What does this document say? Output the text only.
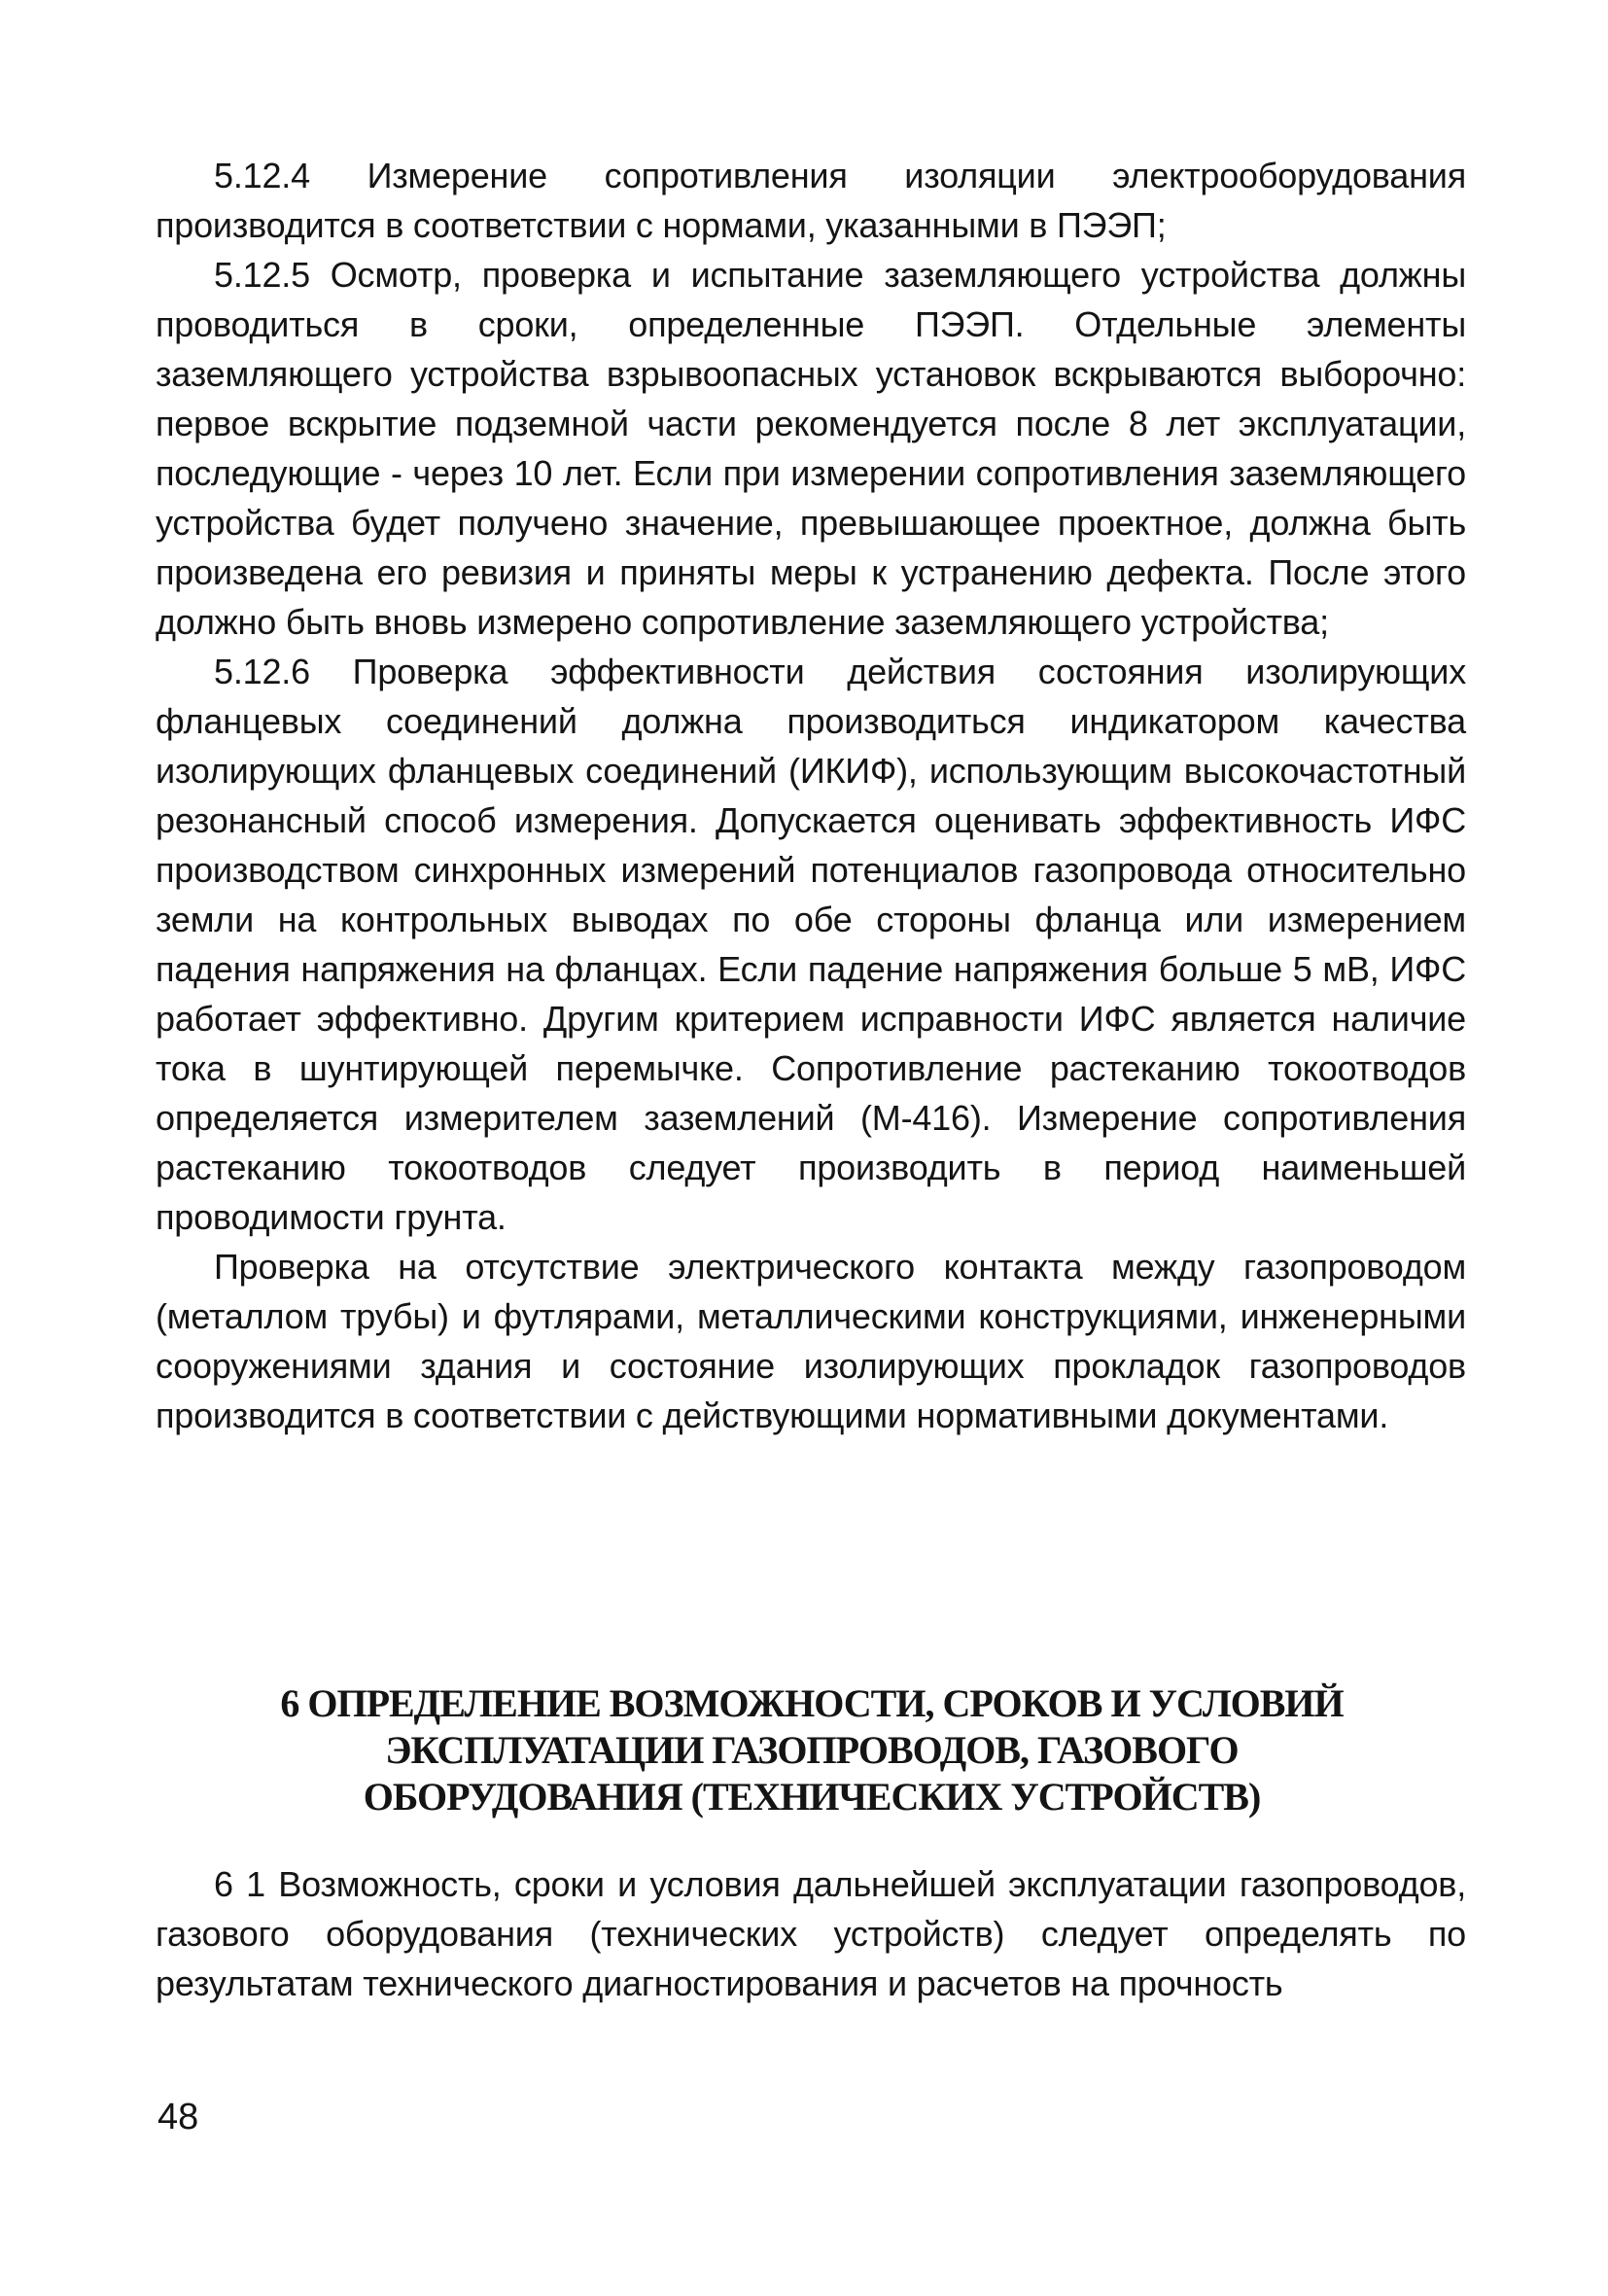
5.12.4 Измерение сопротивления изоляции электрооборудования производится в соответствии с нормами, указанными в ПЭЭП;

5.12.5 Осмотр, проверка и испытание заземляющего устройства должны проводиться в сроки, определенные ПЭЭП. Отдельные элементы заземляющего устройства взрывоопасных установок вскрываются выборочно: первое вскрытие подземной части рекомендуется после 8 лет эксплуатации, последующие - через 10 лет. Если при измерении сопротивления заземляющего устройства будет получено значение, превышающее проектное, должна быть произведена его ревизия и приняты меры к устранению дефекта. После этого должно быть вновь измерено сопротивление заземляющего устройства;

5.12.6 Проверка эффективности действия состояния изолирующих фланцевых соединений должна производиться индикатором качества изолирующих фланцевых соединений (ИКИФ), использующим высокочастотный резонансный способ измерения. Допускается оценивать эффективность ИФС производством синхронных измерений потенциалов газопровода относительно земли на контрольных выводах по обе стороны фланца или измерением падения напряжения на фланцах. Если падение напряжения больше 5 мВ, ИФС работает эффективно. Другим критерием исправности ИФС является наличие тока в шунтирующей перемычке. Сопротивление растеканию токоотводов определяется измерителем заземлений (М-416). Измерение сопротивления растеканию токоотводов следует производить в период наименьшей проводимости грунта.

Проверка на отсутствие электрического контакта между газопроводом (металлом трубы) и футлярами, металлическими конструкциями, инженерными сооружениями здания и состояние изолирующих прокладок газопроводов производится в соответствии с действующими нормативными документами.

6 ОПРЕДЕЛЕНИЕ ВОЗМОЖНОСТИ, СРОКОВ И УСЛОВИЙ
ЭКСПЛУАТАЦИИ ГАЗОПРОВОДОВ, ГАЗОВОГО
ОБОРУДОВАНИЯ (ТЕХНИЧЕСКИХ УСТРОЙСТВ)

6 1 Возможность, сроки и условия дальнейшей эксплуатации газопроводов, газового оборудования (технических устройств) следует определять по результатам технического диагностирования и расчетов на прочность

48
